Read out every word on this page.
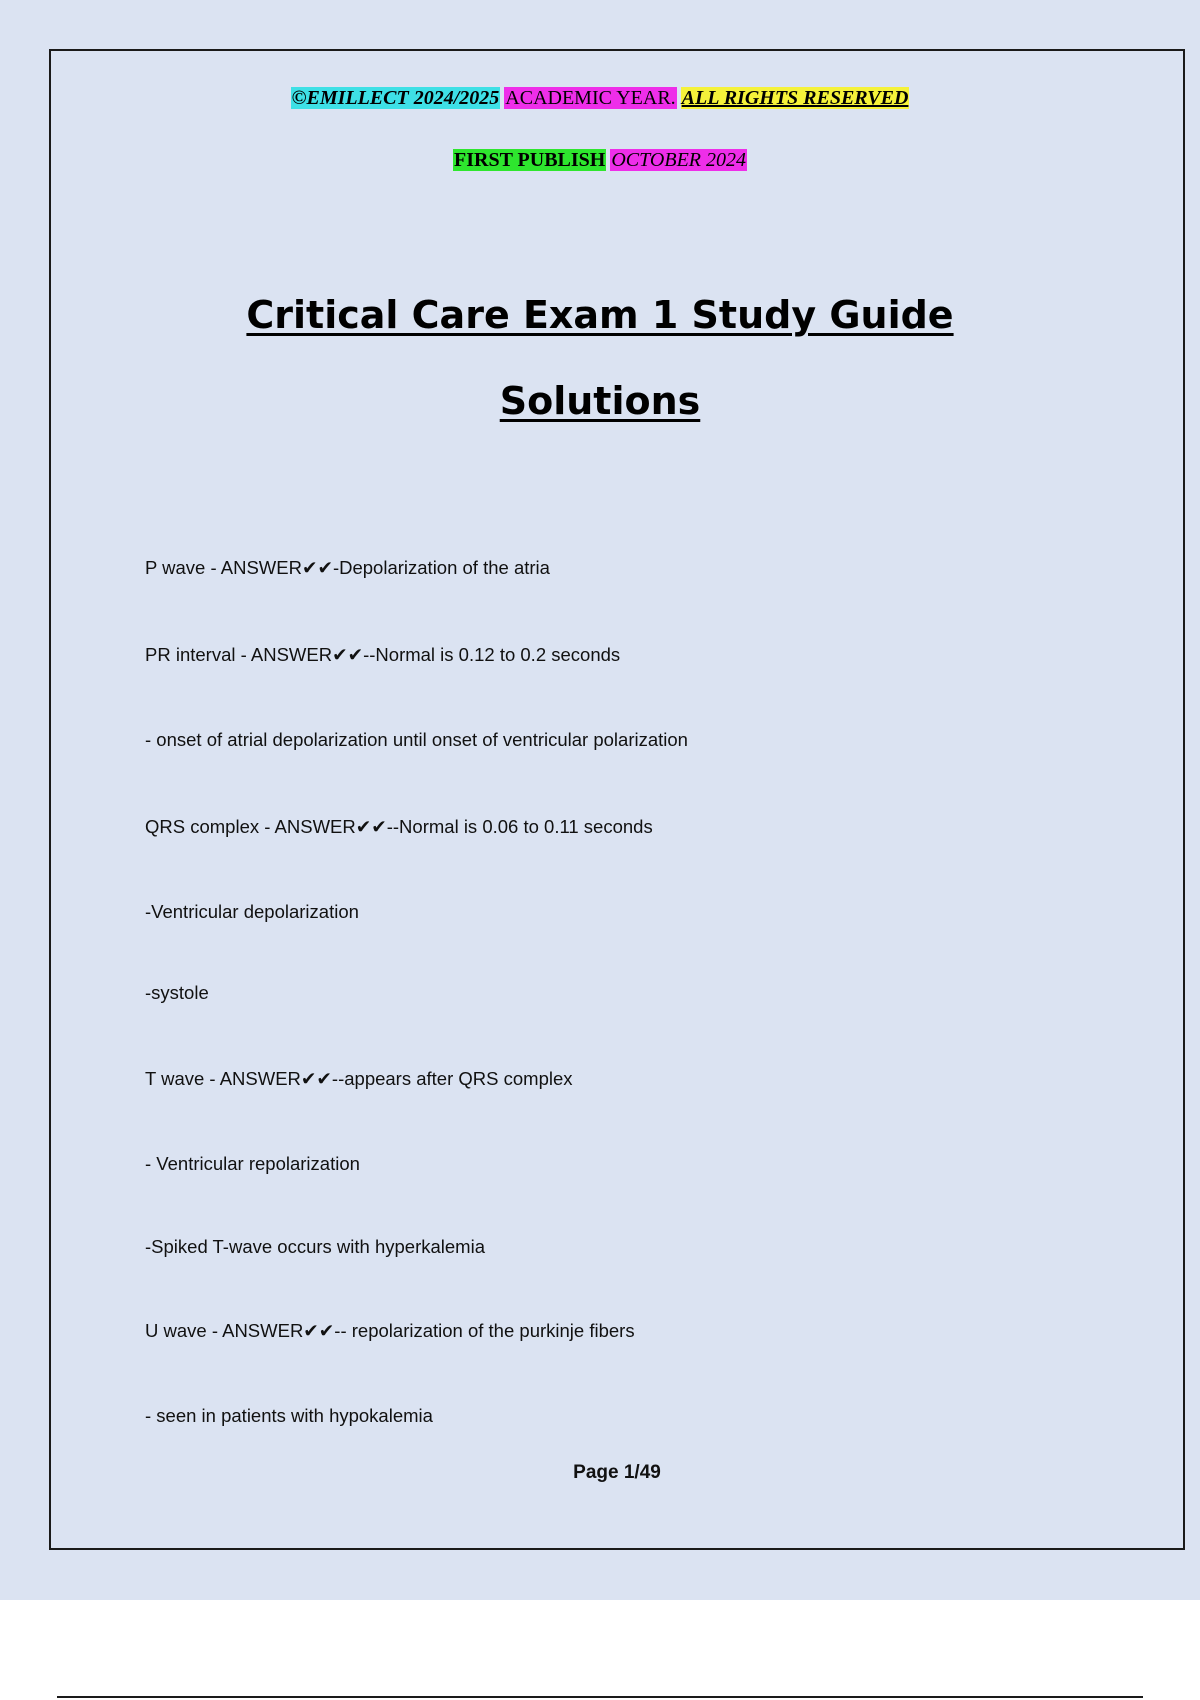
©EMILLECT 2024/2025 ACADEMIC YEAR. ALL RIGHTS RESERVED
FIRST PUBLISH OCTOBER 2024
Critical Care Exam 1 Study Guide
Solutions
P wave - ANSWER✔✔-Depolarization of the atria
PR interval - ANSWER✔✔--Normal is 0.12 to 0.2 seconds
- onset of atrial depolarization until onset of ventricular polarization
QRS complex - ANSWER✔✔--Normal is 0.06 to 0.11 seconds
-Ventricular depolarization
-systole
T wave - ANSWER✔✔--appears after QRS complex
- Ventricular repolarization
-Spiked T-wave occurs with hyperkalemia
U wave - ANSWER✔✔-- repolarization of the purkinje fibers
- seen in patients with hypokalemia
Page 1/49
